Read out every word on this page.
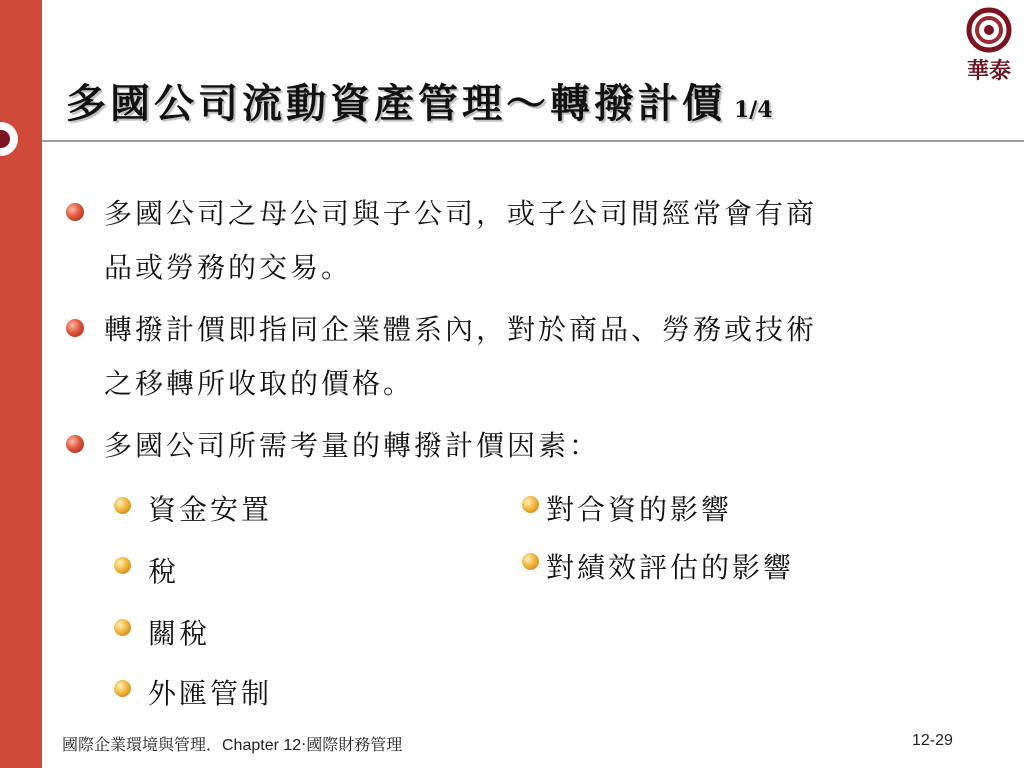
華泰
多國公司流動資產管理～轉撥計價 1/4
多國公司之母公司與子公司，或子公司間經常會有商
品或勞務的交易。
轉撥計價即指同企業體系內，對於商品、勞務或技術
之移轉所收取的價格。
多國公司所需考量的轉撥計價因素：
資金安置
稅
關稅
外匯管制
對合資的影響
對績效評估的影響
國際企業環境與管理．Chapter 12‧國際財務管理	12-29
